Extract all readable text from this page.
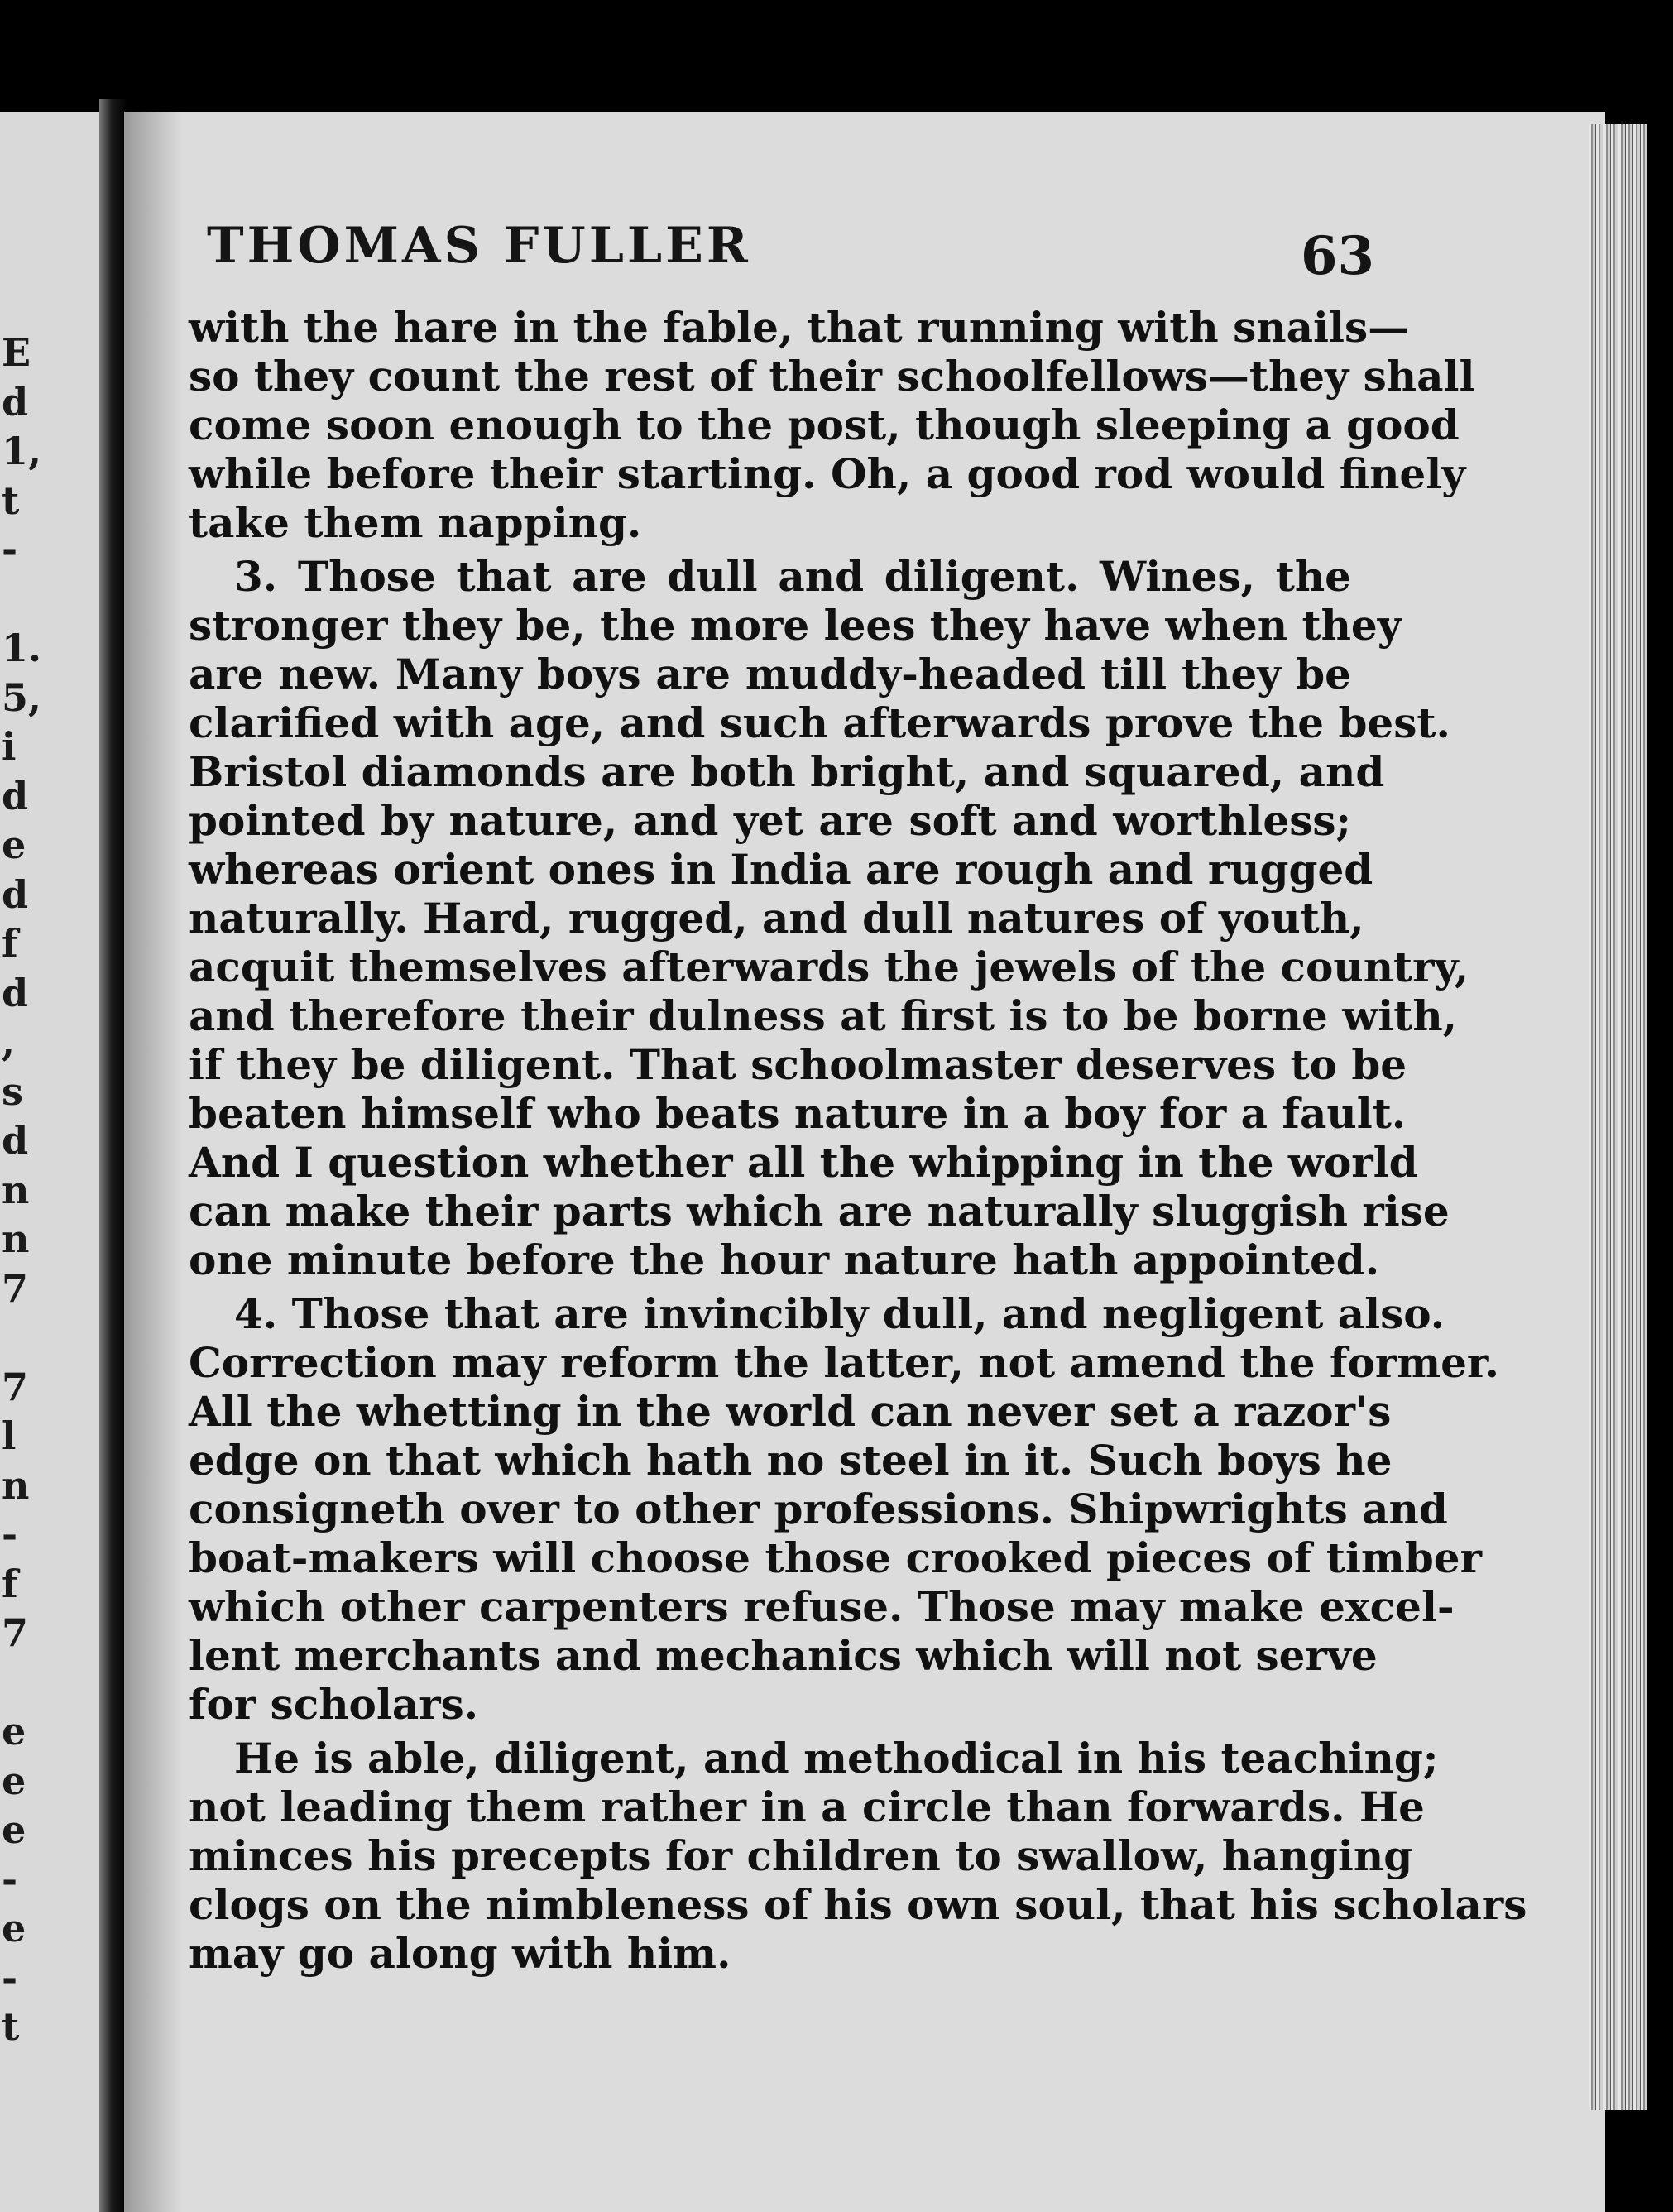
E
d
1,
t
-
1.
5,
i
d
e
d
f
d
,
s
d
n
n
7
7
l
n
-
f
7
e
e
e
-
e
-
t
THOMAS FULLER	63
with the hare in the fable, that running with snails—
so they count the rest of their schoolfellows—they shall
come soon enough to the post, though sleeping a good
while before their starting. Oh, a good rod would finely
take them napping.
3. Those that are dull and diligent. Wines, the
stronger they be, the more lees they have when they
are new. Many boys are muddy-headed till they be
clarified with age, and such afterwards prove the best.
Bristol diamonds are both bright, and squared, and
pointed by nature, and yet are soft and worthless;
whereas orient ones in India are rough and rugged
naturally. Hard, rugged, and dull natures of youth,
acquit themselves afterwards the jewels of the country,
and therefore their dulness at first is to be borne with,
if they be diligent. That schoolmaster deserves to be
beaten himself who beats nature in a boy for a fault.
And I question whether all the whipping in the world
can make their parts which are naturally sluggish rise
one minute before the hour nature hath appointed.
4. Those that are invincibly dull, and negligent also.
Correction may reform the latter, not amend the former.
All the whetting in the world can never set a razor's
edge on that which hath no steel in it. Such boys he
consigneth over to other professions. Shipwrights and
boat-makers will choose those crooked pieces of timber
which other carpenters refuse. Those may make excel-
lent merchants and mechanics which will not serve
for scholars.
He is able, diligent, and methodical in his teaching;
not leading them rather in a circle than forwards. He
minces his precepts for children to swallow, hanging
clogs on the nimbleness of his own soul, that his scholars
may go along with him.
